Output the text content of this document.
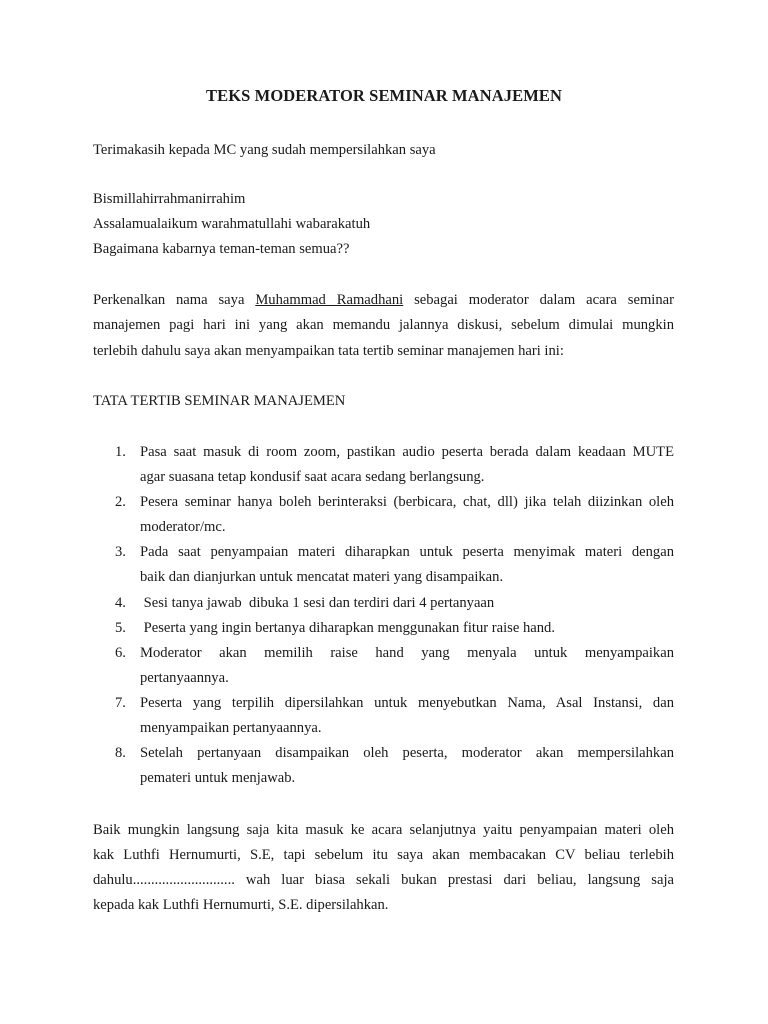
TEKS MODERATOR SEMINAR MANAJEMEN
Terimakasih kepada MC yang sudah mempersilahkan saya
Bismillahirrahmanirrahim
Assalamualaikum warahmatullahi wabarakatuh
Bagaimana kabarnya teman-teman semua??
Perkenalkan nama saya Muhammad Ramadhani sebagai moderator dalam acara seminar
manajemen pagi hari ini yang akan memandu jalannya diskusi, sebelum dimulai mungkin
terlebih dahulu saya akan menyampaikan tata tertib seminar manajemen hari ini:
TATA TERTIB SEMINAR MANAJEMEN
1. Pasa saat masuk di room zoom, pastikan audio peserta berada dalam keadaan MUTE
agar suasana tetap kondusif saat acara sedang berlangsung.
2. Pesera seminar hanya boleh berinteraksi (berbicara, chat, dll) jika telah diizinkan oleh
moderator/mc.
3. Pada saat penyampaian materi diharapkan untuk peserta menyimak materi dengan
baik dan dianjurkan untuk mencatat materi yang disampaikan.
4. Sesi tanya jawab  dibuka 1 sesi dan terdiri dari 4 pertanyaan
5. Peserta yang ingin bertanya diharapkan menggunakan fitur raise hand.
6. Moderator akan memilih raise hand yang menyala untuk menyampaikan
pertanyaannya.
7. Peserta yang terpilih dipersilahkan untuk menyebutkan Nama, Asal Instansi, dan
menyampaikan pertanyaannya.
8. Setelah pertanyaan disampaikan oleh peserta, moderator akan mempersilahkan
pemateri untuk menjawab.
Baik mungkin langsung saja kita masuk ke acara selanjutnya yaitu penyampaian materi oleh
kak Luthfi Hernumurti, S.E, tapi sebelum itu saya akan membacakan CV beliau terlebih
dahulu............................ wah luar biasa sekali bukan prestasi dari beliau, langsung saja
kepada kak Luthfi Hernumurti, S.E. dipersilahkan.
